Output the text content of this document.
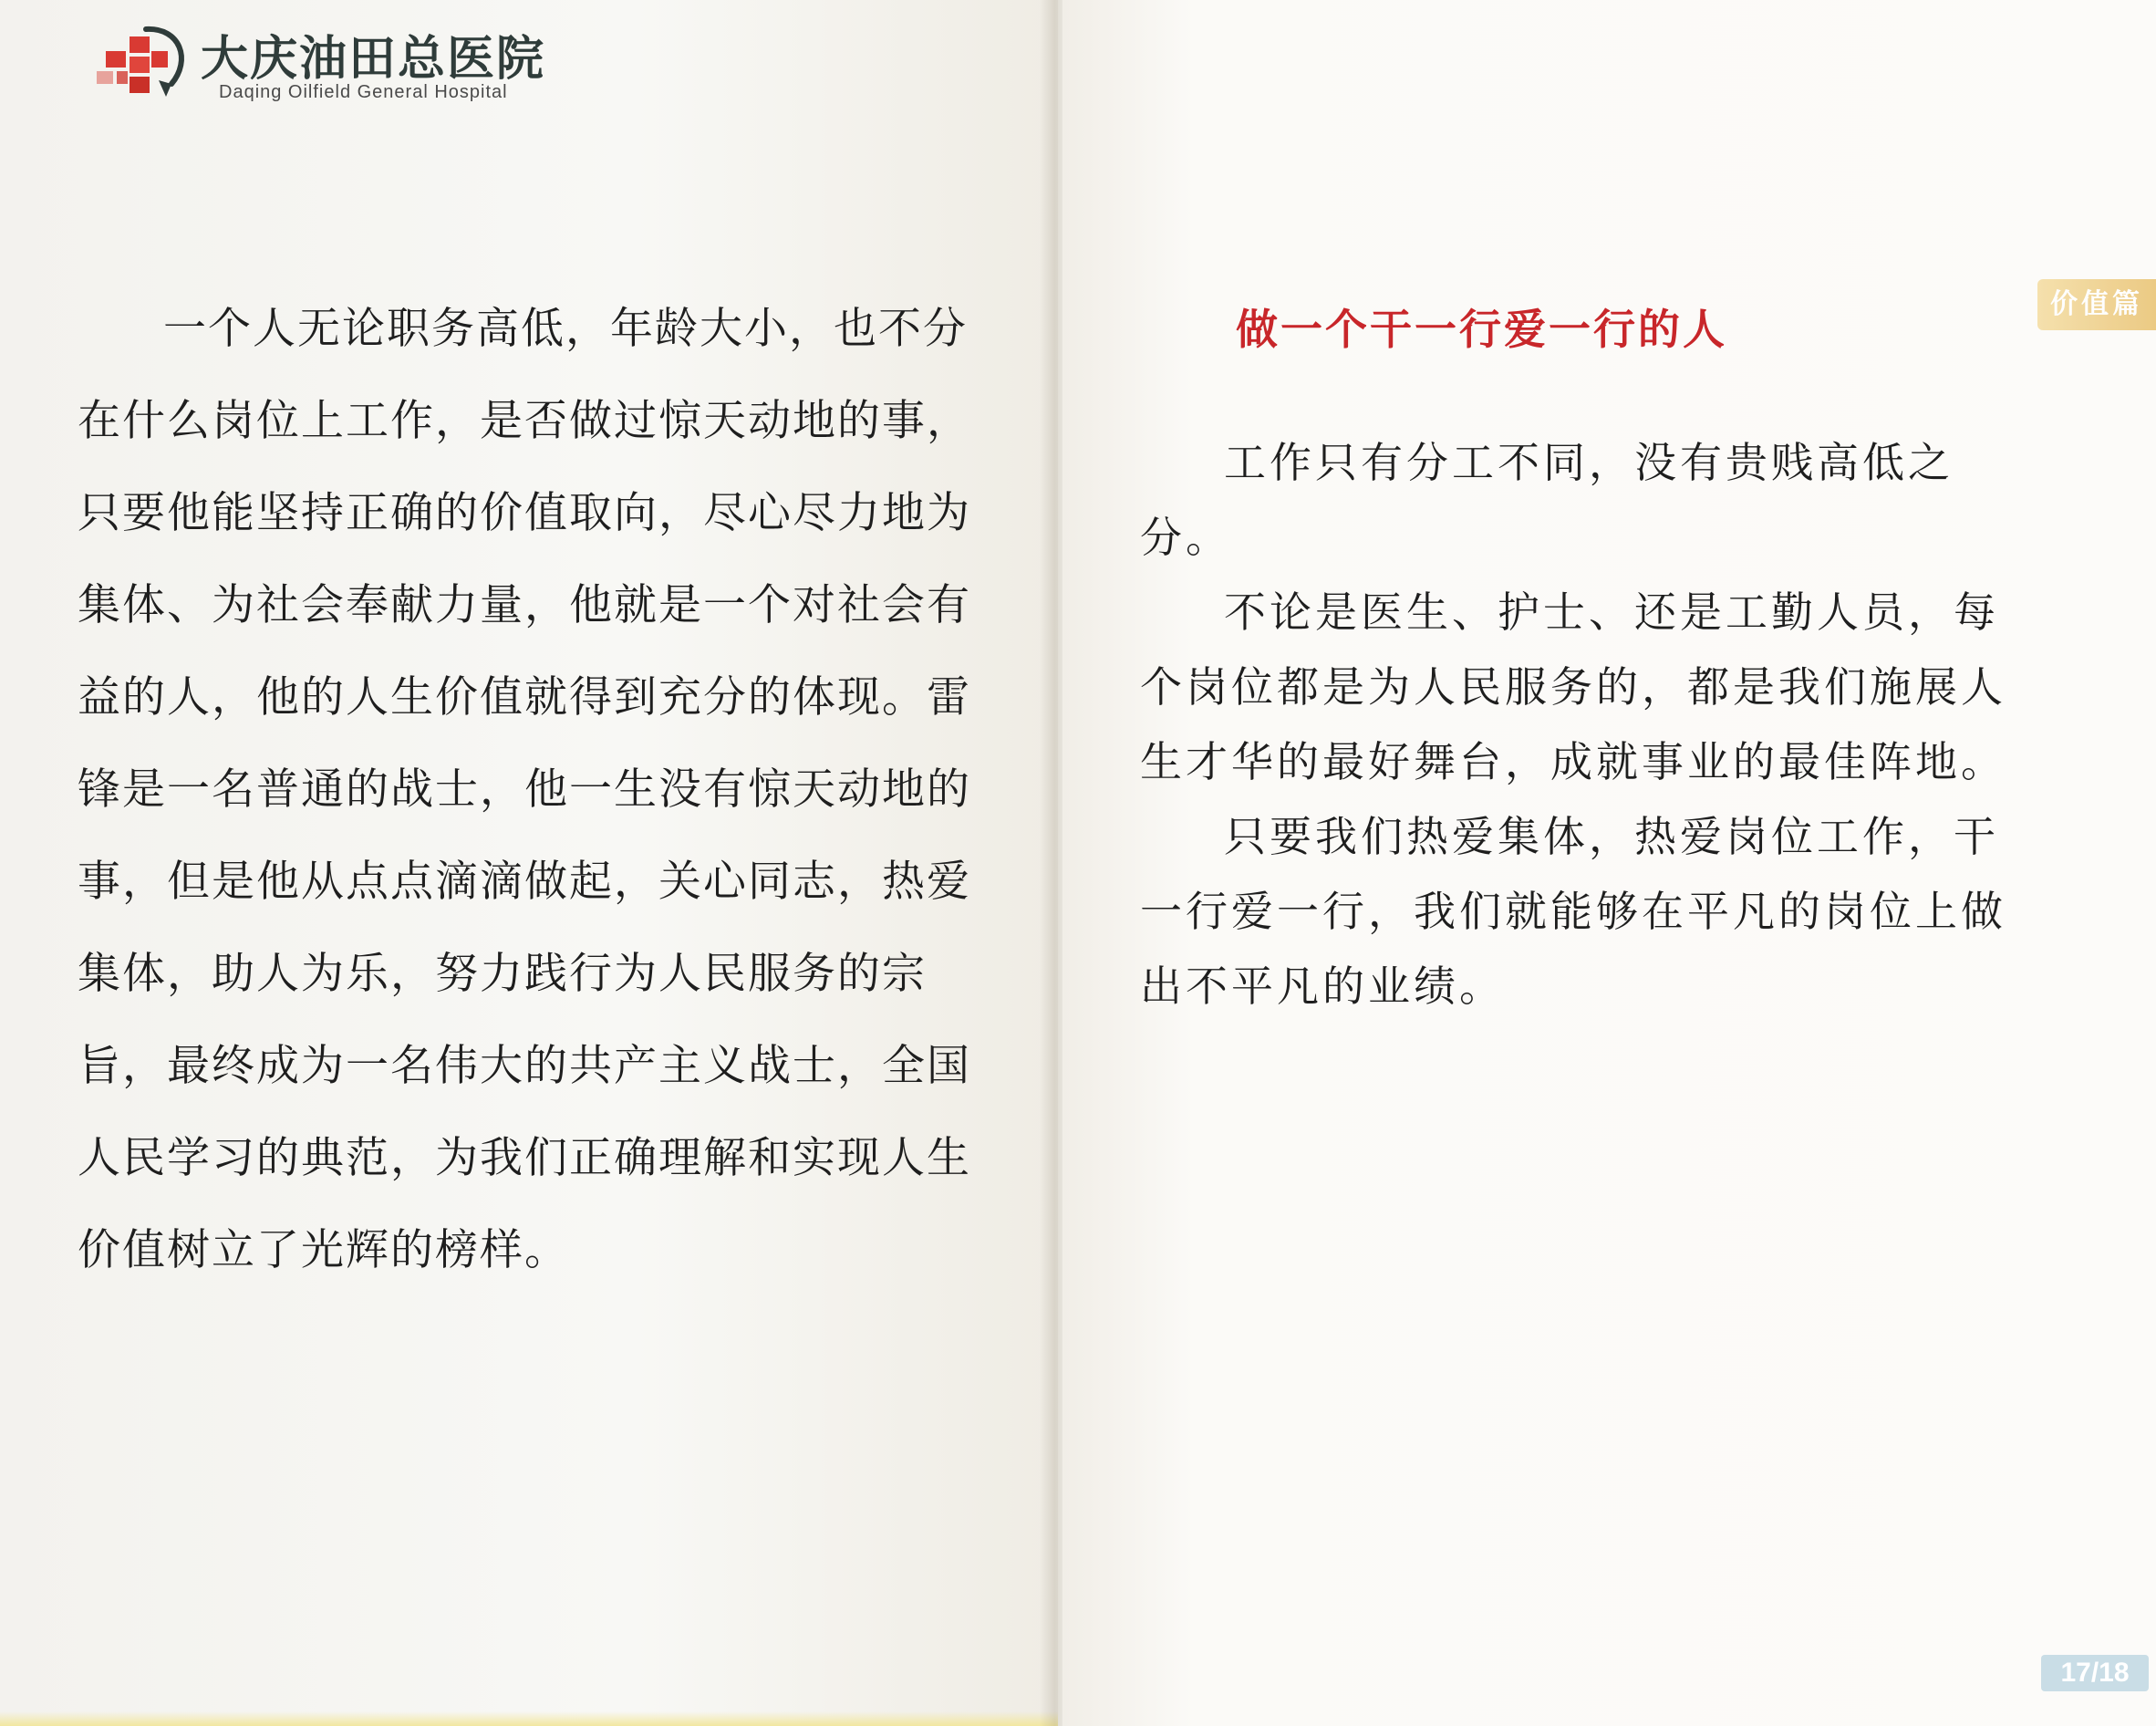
大庆油田总医院
Daqing Oilfield General Hospital

一个人无论职务高低，年龄大小，也不分在什么岗位上工作，是否做过惊天动地的事，只要他能坚持正确的价值取向，尽心尽力地为集体、为社会奉献力量，他就是一个对社会有益的人，他的人生价值就得到充分的体现。雷锋是一名普通的战士，他一生没有惊天动地的事，但是他从点点滴滴做起，关心同志，热爱集体，助人为乐，努力践行为人民服务的宗旨，最终成为一名伟大的共产主义战士，全国人民学习的典范，为我们正确理解和实现人生价值树立了光辉的榜样。

价值篇
17/18
做一个干一行爱一行的人

工作只有分工不同，没有贵贱高低之分。

不论是医生、护士、还是工勤人员，每个岗位都是为人民服务的，都是我们施展人生才华的最好舞台，成就事业的最佳阵地。

只要我们热爱集体，热爱岗位工作，干一行爱一行，我们就能够在平凡的岗位上做出不平凡的业绩。
